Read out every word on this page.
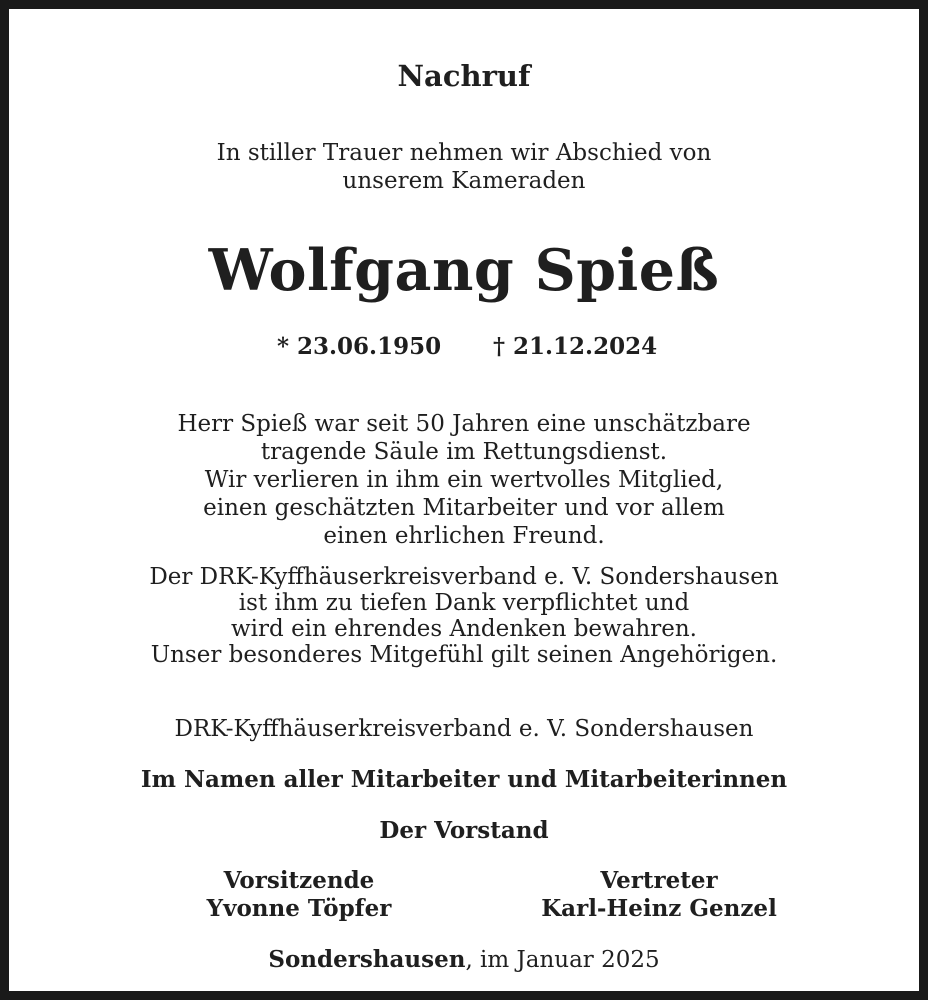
Nachruf
In stiller Trauer nehmen wir Abschied von
unserem Kameraden
Wolfgang Spieß
* 23.06.1950 † 21.12.2024
Herr Spieß war seit 50 Jahren eine unschätzbare
tragende Säule im Rettungsdienst.
Wir verlieren in ihm ein wertvolles Mitglied,
einen geschätzten Mitarbeiter und vor allem
einen ehrlichen Freund.
Der DRK-Kyffhäuserkreisverband e. V. Sondershausen
ist ihm zu tiefen Dank verpflichtet und
wird ein ehrendes Andenken bewahren.
Unser besonderes Mitgefühl gilt seinen Angehörigen.
DRK-Kyffhäuserkreisverband e. V. Sondershausen
Im Namen aller Mitarbeiter und Mitarbeiterinnen
Der Vorstand
Vorsitzende
Yvonne Töpfer
Vertreter
Karl-Heinz Genzel
Sondershausen, im Januar 2025
